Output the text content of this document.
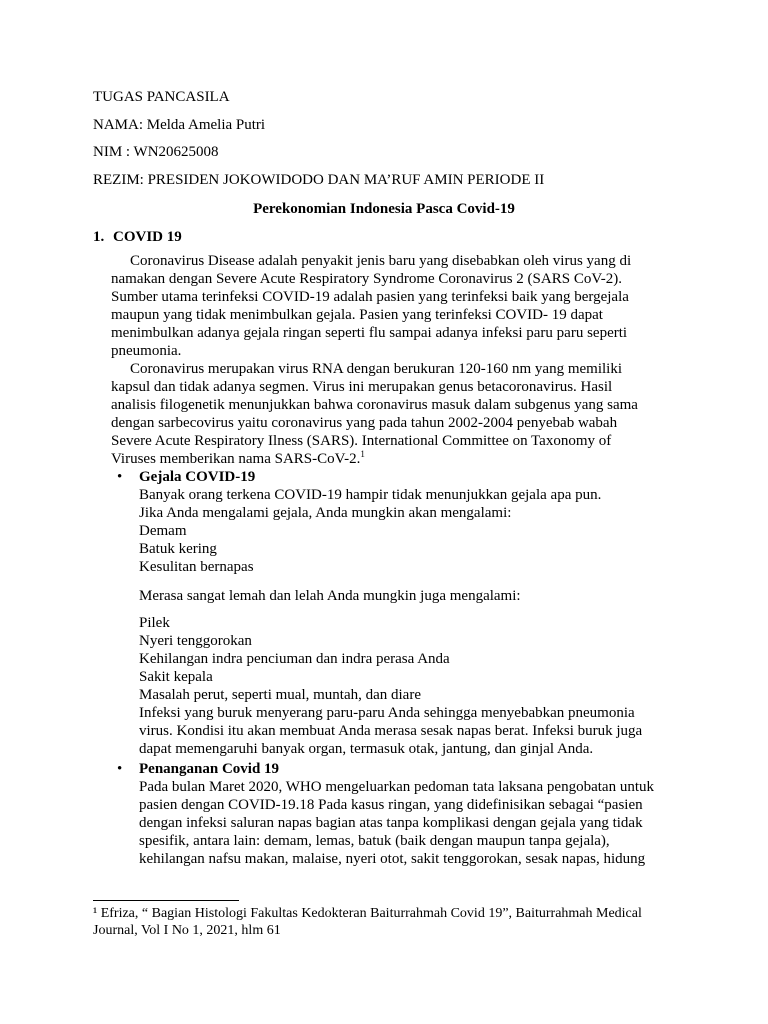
TUGAS PANCASILA
NAMA: Melda Amelia Putri
NIM : WN20625008
REZIM: PRESIDEN JOKOWIDODO DAN MA’RUF AMIN PERIODE II
Perekonomian Indonesia Pasca Covid-19
1. COVID 19
Coronavirus Disease adalah penyakit jenis baru yang disebabkan oleh virus yang di
namakan dengan Severe Acute Respiratory Syndrome Coronavirus 2 (SARS CoV-2).
Sumber utama terinfeksi COVID-19 adalah pasien yang terinfeksi baik yang bergejala
maupun yang tidak menimbulkan gejala. Pasien yang terinfeksi COVID- 19 dapat
menimbulkan adanya gejala ringan seperti flu sampai adanya infeksi paru paru seperti
pneumonia.
Coronavirus merupakan virus RNA dengan berukuran 120-160 nm yang memiliki
kapsul dan tidak adanya segmen. Virus ini merupakan genus betacoronavirus. Hasil
analisis filogenetik menunjukkan bahwa coronavirus masuk dalam subgenus yang sama
dengan sarbecovirus yaitu coronavirus yang pada tahun 2002-2004 penyebab wabah
Severe Acute Respiratory Ilness (SARS). International Committee on Taxonomy of
Viruses memberikan nama SARS-CoV-2.$^1$
• Gejala COVID-19
Banyak orang terkena COVID-19 hampir tidak menunjukkan gejala apa pun.
Jika Anda mengalami gejala, Anda mungkin akan mengalami:
Demam
Batuk kering
Kesulitan bernapas
Merasa sangat lemah dan lelah Anda mungkin juga mengalami:
Pilek
Nyeri tenggorokan
Kehilangan indra penciuman dan indra perasa Anda
Sakit kepala
Masalah perut, seperti mual, muntah, dan diare
Infeksi yang buruk menyerang paru-paru Anda sehingga menyebabkan pneumonia
virus. Kondisi itu akan membuat Anda merasa sesak napas berat. Infeksi buruk juga
dapat memengaruhi banyak organ, termasuk otak, jantung, dan ginjal Anda.
• Penanganan Covid 19
Pada bulan Maret 2020, WHO mengeluarkan pedoman tata laksana pengobatan untuk
pasien dengan COVID-19.18 Pada kasus ringan, yang didefinisikan sebagai “pasien
dengan infeksi saluran napas bagian atas tanpa komplikasi dengan gejala yang tidak
spesifik, antara lain: demam, lemas, batuk (baik dengan maupun tanpa gejala),
kehilangan nafsu makan, malaise, nyeri otot, sakit tenggorokan, sesak napas, hidung
¹ Efriza, “ Bagian Histologi Fakultas Kedokteran Baiturrahmah Covid 19”, Baiturrahmah Medical
Journal, Vol I No 1, 2021, hlm 61
